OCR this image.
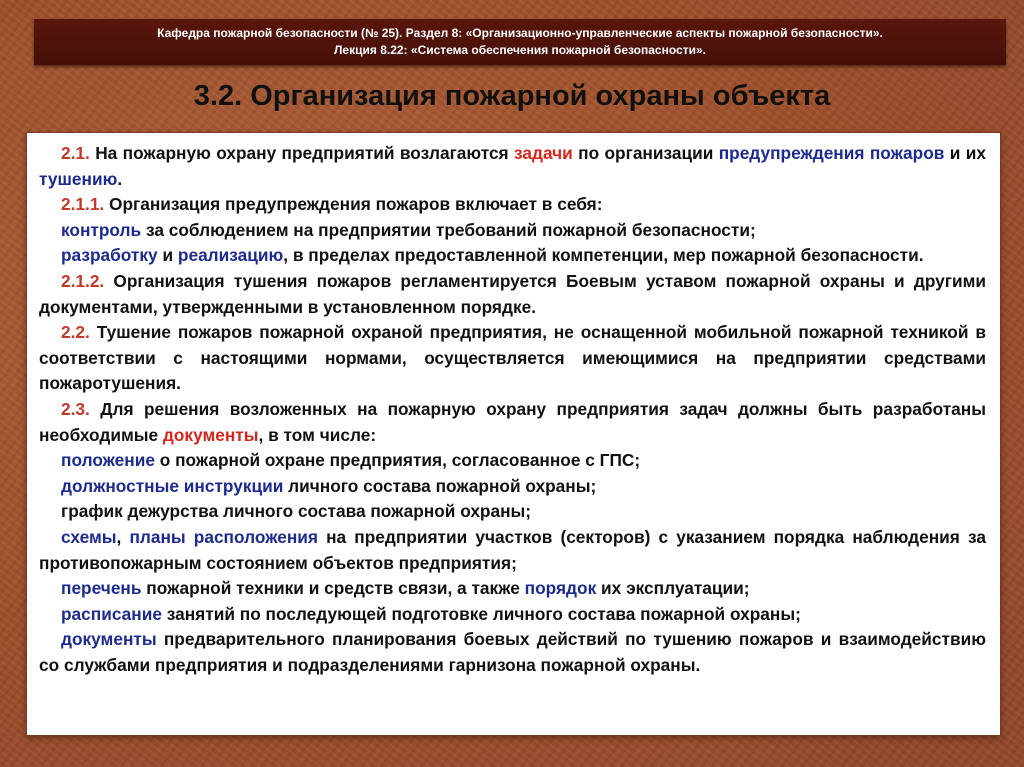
Кафедра пожарной безопасности (№ 25). Раздел 8: «Организационно-управленческие аспекты пожарной безопасности».
Лекция 8.22: «Система обеспечения пожарной безопасности».
3.2. Организация пожарной охраны объекта

2.1. На пожарную охрану предприятий возлагаются задачи по организации предупреждения пожаров и их тушению.

2.1.1. Организация предупреждения пожаров включает в себя:

контроль за соблюдением на предприятии требований пожарной безопасности;

разработку и реализацию, в пределах предоставленной компетенции, мер пожарной безопасности.

2.1.2. Организация тушения пожаров регламентируется Боевым уставом пожарной охраны и другими документами, утвержденными в установленном порядке.

2.2. Тушение пожаров пожарной охраной предприятия, не оснащенной мобильной пожарной техникой в соответствии с настоящими нормами, осуществляется имеющимися на предприятии средствами пожаротушения.

2.3. Для решения возложенных на пожарную охрану предприятия задач должны быть разработаны необходимые документы, в том числе:

положение о пожарной охране предприятия, согласованное с ГПС;

должностные инструкции личного состава пожарной охраны;

график дежурства личного состава пожарной охраны;

схемы, планы расположения на предприятии участков (секторов) с указанием порядка наблюдения за противопожарным состоянием объектов предприятия;

перечень пожарной техники и средств связи, а также порядок их эксплуатации;

расписание занятий по последующей подготовке личного состава пожарной охраны;

документы предварительного планирования боевых действий по тушению пожаров и взаимодействию со службами предприятия и подразделениями гарнизона пожарной охраны.
